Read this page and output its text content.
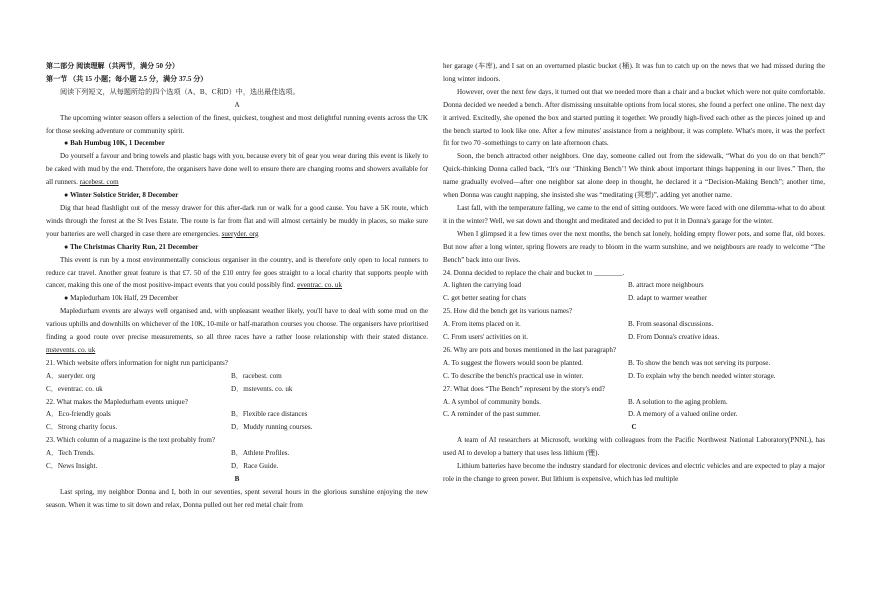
第二部分 阅读理解（共两节，满分 50 分）

第一节 （共 15 小题；每小题 2.5 分，满分 37.5 分）

阅读下列短文，从每题所给的四个选项（A、B、C和D）中，选出最佳选项。

A

The upcoming winter season offers a selection of the finest, quickest, toughest and most delightful running events across the UK for those seeking adventure or community spirit.

● Bah Humbug 10K, 1 December

Do yourself a favour and bring towels and plastic bags with you, because every bit of gear you wear during this event is likely to be caked with mud by the end. Therefore, the organisers have done well to ensure there are changing rooms and showers available for all runners. racebest. com

● Winter Solstice Strider, 8 December

Dig that head flashlight out of the messy drawer for this after-dark run or walk for a good cause. You have a 5K route, which winds through the forest at the St Ives Estate. The route is far from flat and will almost certainly be muddy in places, so make sure your batteries are well charged in case there are emergencies. sueryder. org

● The Christmas Charity Run, 21 December

This event is run by a most environmentally conscious organiser in the country, and is therefore only open to local runners to reduce car travel. Another great feature is that £7. 50 of the £10 entry fee goes straight to a local charity that supports people with cancer, making this one of the most positive-impact events that you could possibly find. eventrac. co. uk

● Mapledurham 10k Half, 29 December

Mapledurham events are always well organised and, with unpleasant weather likely, you'll have to deal with some mud on the various uphills and downhills on whichever of the 10K, 10-mile or half-marathon courses you choose. The organisers have prioritised finding a good route over precise measurements, so all three races have a rather loose relationship with their stated distance. mstevents. co. uk

21. Which website offers information for night run participants?

A．sueryder. org	B．racebest. com
C．eventrac. co. uk	D．mstevents. co. uk

22. What makes the Mapledurham events unique?

A．Eco-friendly goals	B．Flexible race distances
C．Strong charity focus.	D．Muddy running courses.

23. Which column of a magazine is the text probably from?

A．Tech Trends.	B．Athlete Profiles.
C．News Insight.	D．Race Guide.

B

Last spring, my neighbor Donna and I, both in our seventies, spent several hours in the glorious sunshine enjoying the new season. When it was time to sit down and relax, Donna pulled out her red metal chair from

her garage (车库), and I sat on an overturned plastic bucket (桶). It was fun to catch up on the news that we had missed during the long winter indoors.

However, over the next few days, it turned out that we needed more than a chair and a bucket which were not quite comfortable. Donna decided we needed a bench. After dismissing unsuitable options from local stores, she found a perfect one online. The next day it arrived. Excitedly, she opened the box and started putting it together. We proudly high-fived each other as the pieces joined up and the bench started to look like one. After a few minutes' assistance from a neighbour, it was complete. What's more, it was the perfect fit for two 70 -somethings to carry on late afternoon chats.

Soon, the bench attracted other neighbors. One day, someone called out from the sidewalk, “What do you do on that bench?” Quick-thinking Donna called back, “It's our ‘Thinking Bench’! We think about important things happening in our lives.” Then, the name gradually evolved—after one neighbor sat alone deep in thought, he declared it a “Decision-Making Bench”; another time, when Donna was caught napping, she insisted she was “meditating (冥想)”, adding yet another name.

Last fall, with the temperature falling, we came to the end of sitting outdoors. We were faced with one dilemma-what to do about it in the winter? Well, we sat down and thought and meditated and decided to put it in Donna's garage for the winter.

When I glimpsed it a few times over the next months, the bench sat lonely, holding empty flower pots, and some flat, old boxes. But now after a long winter, spring flowers are ready to bloom in the warm sunshine, and we neighbours are ready to welcome “The Bench” back into our lives.

24. Donna decided to replace the chair and bucket to ________.

A. lighten the carrying load	B. attract more neighbours
C. get better seating for chats	D. adapt to warmer weather

25. How did the bench get its various names?

A. From items placed on it.	B. From seasonal discussions.
C. From users' activities on it.	D. From Donna's creative ideas.

26. Why are pots and boxes mentioned in the last paragraph?

A. To suggest the flowers would soon be planted.	B. To show the bench was not serving its purpose.
C. To describe the bench's practical use in winter.	D. To explain why the bench needed winter storage.

27. What does “The Bench” represent by the story's end?

A. A symbol of community bonds.	B. A solution to the aging problem.
C. A reminder of the past summer.	D. A memory of a valued online order.

C

A team of AI researchers at Microsoft, working with colleagues from the Pacific Northwest National Laboratory(PNNL), has used AI to develop a battery that uses less lithium (锂).

Lithium batteries have become the industry standard for electronic devices and electric vehicles and are expected to play a major role in the change to green power. But lithium is expensive, which has led multiple
